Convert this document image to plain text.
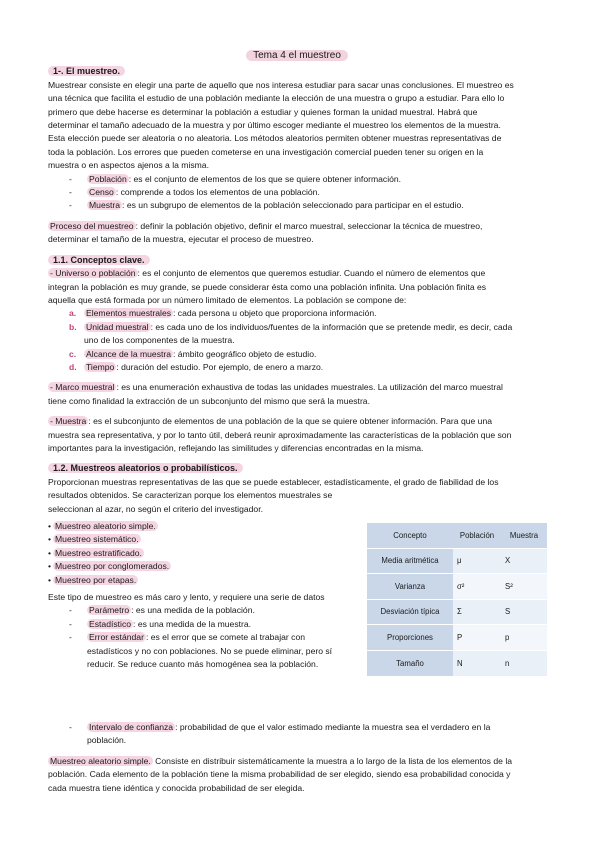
Tema 4 el muestreo
1-. El muestreo.

Muestrear consiste en elegir una parte de aquello que nos interesa estudiar para sacar unas conclusiones. El muestreo es
una técnica que facilita el estudio de una población mediante la elección de una muestra o grupo a estudiar. Para ello lo
primero que debe hacerse es determinar la población a estudiar y quienes forman la unidad muestral. Habrá que
determinar el tamaño adecuado de la muestra y por último escoger mediante el muestreo los elementos de la muestra.
Esta elección puede ser aleatoria o no aleatoria. Los métodos aleatorios permiten obtener muestras representativas de
toda la población. Los errores que pueden cometerse en una investigación comercial pueden tener su origen en la
muestra o en aspectos ajenos a la misma.

- Población : es el conjunto de elementos de los que se quiere obtener información.
- Censo : comprende a todos los elementos de una población.
- Muestra : es un subgrupo de elementos de la población seleccionado para participar en el estudio.

Proceso del muestreo : definir la población objetivo, definir el marco muestral, seleccionar la técnica de muestreo,
determinar el tamaño de la muestra, ejecutar el proceso de muestreo.

1.1. Conceptos clave.

- Universo o población : es el conjunto de elementos que queremos estudiar. Cuando el número de elementos que
integran la población es muy grande, se puede considerar ésta como una población infinita. Una población finita es
aquella que está formada por un número limitado de elementos. La población se compone de:

a. Elementos muestrales : cada persona u objeto que proporciona información.
b. Unidad muestral : es cada uno de los individuos/fuentes de la información que se pretende medir, es decir, cada
uno de los componentes de la muestra.
c. Alcance de la muestra : ámbito geográfico objeto de estudio.
d. Tiempo : duración del estudio. Por ejemplo, de enero a marzo.

- Marco muestral : es una enumeración exhaustiva de todas las unidades muestrales. La utilización del marco muestral
tiene como finalidad la extracción de un subconjunto del mismo que será la muestra.

- Muestra : es el subconjunto de elementos de una población de la que se quiere obtener información. Para que una
muestra sea representativa, y por lo tanto útil, deberá reunir aproximadamente las características de la población que son
importantes para la investigación, reflejando las similitudes y diferencias encontradas en la misma.

1.2. Muestreos aleatorios o probabilísticos.

Proporcionan muestras representativas de las que se puede establecer, estadísticamente, el grado de fiabilidad de los
resultados obtenidos. Se caracterizan porque los elementos muestrales se
seleccionan al azar, no según el criterio del investigador.

• Muestreo aleatorio simple.
• Muestreo sistemático.
• Muestreo estratificado.
• Muestreo por conglomerados.
• Muestreo por etapas.

Este tipo de muestreo es más caro y lento, y requiere una serie de datos

- Parámetro : es una medida de la población.
- Estadístico : es una medida de la muestra.
- Error estándar : es el error que se comete al trabajar con
estadísticos y no con poblaciones. No se puede eliminar, pero sí
reducir. Se reduce cuanto más homogénea sea la población.
Concepto	Población	Muestra
Media aritmética	μ	X
Varianza	σ²	S²
Desviación típica	Σ	S
Proporciones	P	p
Tamaño	N	n
- Intervalo de confianza : probabilidad de que el valor estimado mediante la muestra sea el verdadero en la
población.

Muestreo aleatorio simple. Consiste en distribuir sistemáticamente la muestra a lo largo de la lista de los elementos de la
población. Cada elemento de la población tiene la misma probabilidad de ser elegido, siendo esa probabilidad conocida y
cada muestra tiene idéntica y conocida probabilidad de ser elegida.
